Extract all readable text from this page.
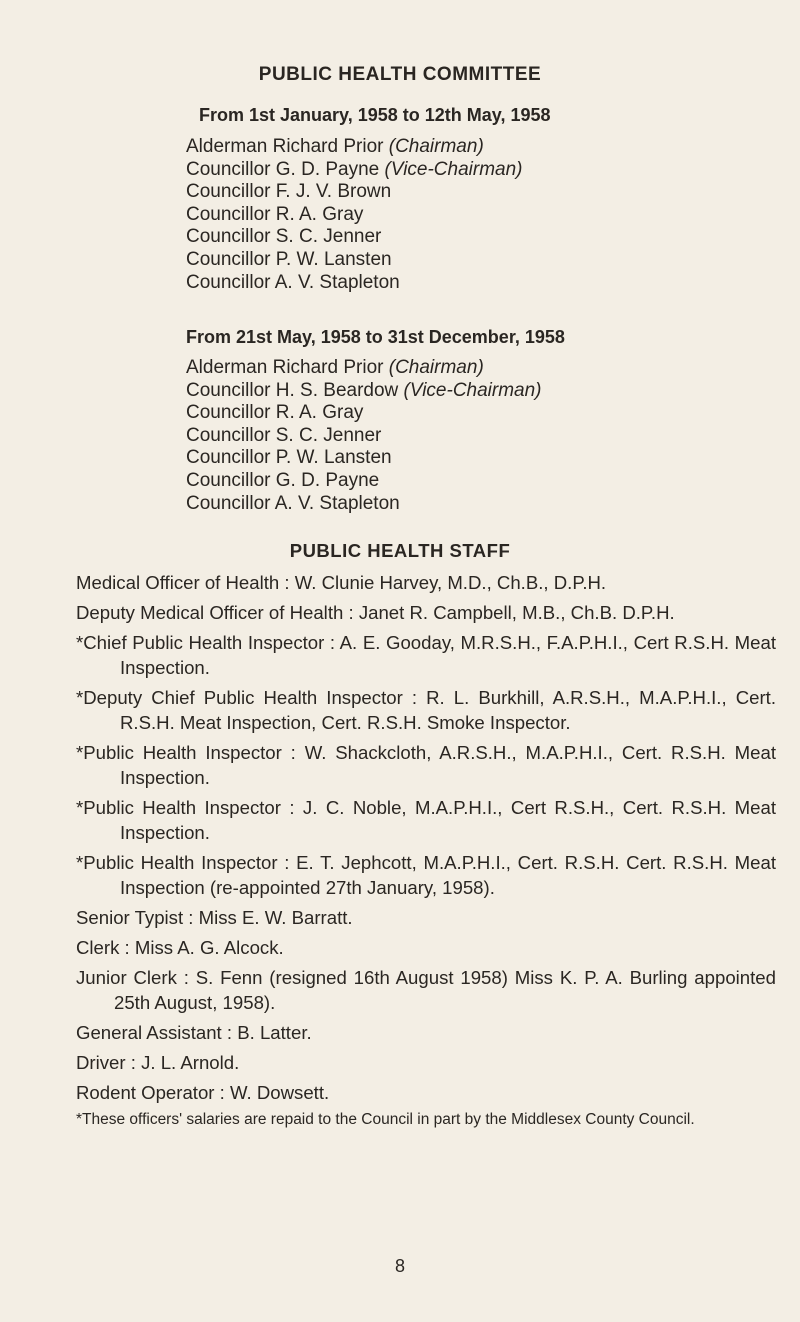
PUBLIC HEALTH COMMITTEE
From 1st January, 1958 to 12th May, 1958
Alderman Richard Prior (Chairman)
Councillor G. D. Payne (Vice-Chairman)
Councillor F. J. V. Brown
Councillor R. A. Gray
Councillor S. C. Jenner
Councillor P. W. Lansten
Councillor A. V. Stapleton
From 21st May, 1958 to 31st December, 1958
Alderman Richard Prior (Chairman)
Councillor H. S. Beardow (Vice-Chairman)
Councillor R. A. Gray
Councillor S. C. Jenner
Councillor P. W. Lansten
Councillor G. D. Payne
Councillor A. V. Stapleton
PUBLIC HEALTH STAFF
Medical Officer of Health : W. Clunie Harvey, M.D., Ch.B., D.P.H.
Deputy Medical Officer of Health : Janet R. Campbell, M.B., Ch.B. D.P.H.
*Chief Public Health Inspector : A. E. Gooday, M.R.S.H., F.A.P.H.I., Cert R.S.H. Meat Inspection.
*Deputy Chief Public Health Inspector : R. L. Burkhill, A.R.S.H., M.A.P.H.I., Cert. R.S.H. Meat Inspection, Cert. R.S.H. Smoke Inspector.
*Public Health Inspector : W. Shackcloth, A.R.S.H., M.A.P.H.I., Cert. R.S.H. Meat Inspection.
*Public Health Inspector : J. C. Noble, M.A.P.H.I., Cert R.S.H., Cert. R.S.H. Meat Inspection.
*Public Health Inspector : E. T. Jephcott, M.A.P.H.I., Cert. R.S.H. Cert. R.S.H. Meat Inspection (re-appointed 27th January, 1958).
Senior Typist : Miss E. W. Barratt.
Clerk : Miss A. G. Alcock.
Junior Clerk : S. Fenn (resigned 16th August 1958) Miss K. P. A. Burling appointed 25th August, 1958).
General Assistant : B. Latter.
Driver : J. L. Arnold.
Rodent Operator : W. Dowsett.
*These officers' salaries are repaid to the Council in part by the Middlesex County Council.
8
